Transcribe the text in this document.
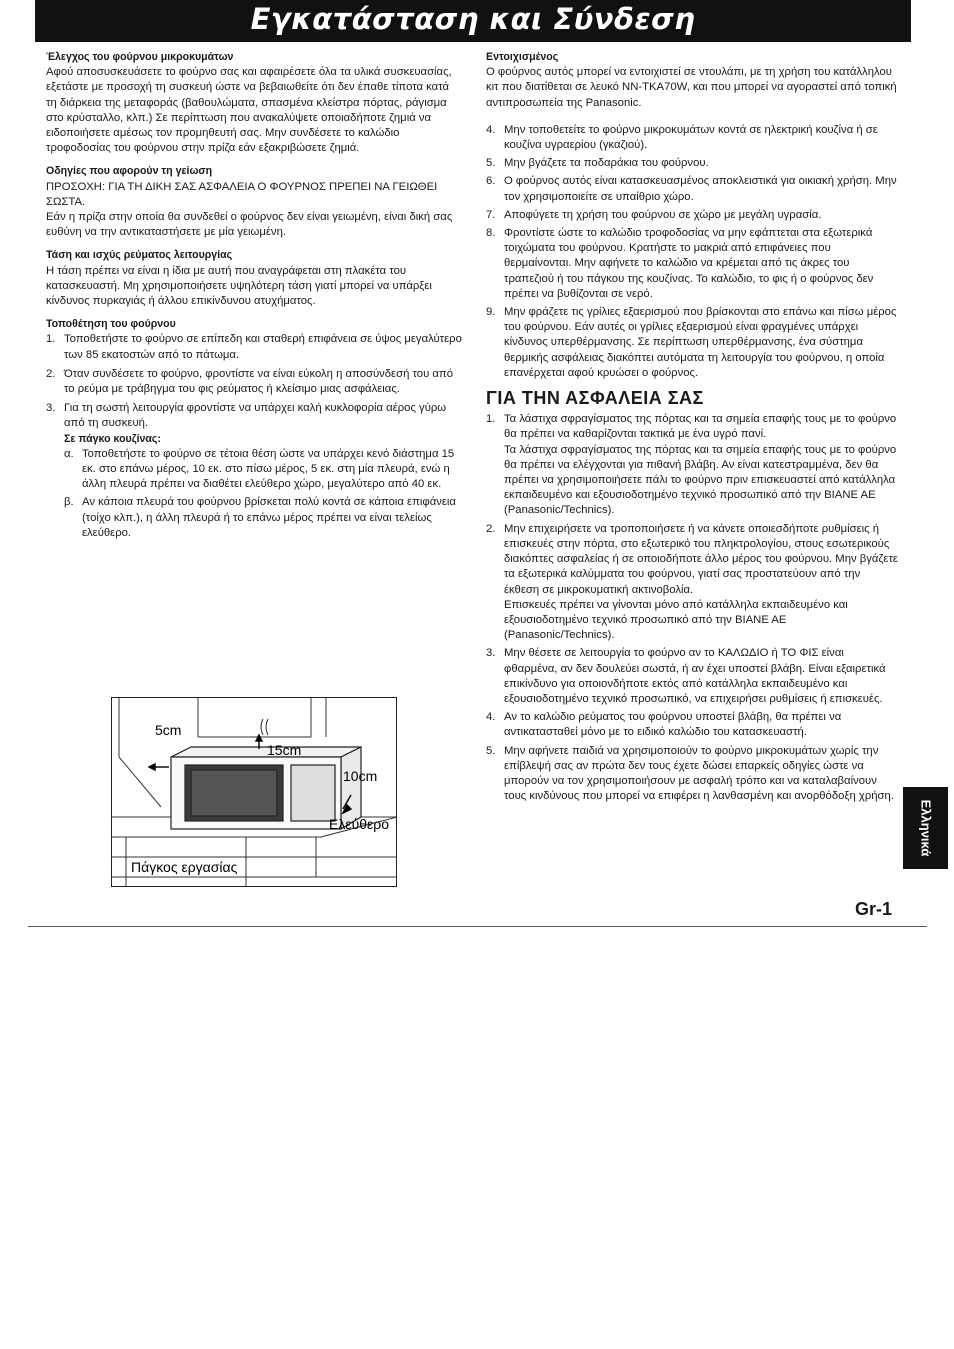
Εγκατάσταση και Σύνδεση

Έλεγχος του φούρνου μικροκυμάτων

Αφού αποσυσκευάσετε το φούρνο σας και αφαιρέσετε όλα τα υλικά συσκευασίας, εξετάστε με προσοχή τη συσκευή ώστε να βεβαιωθείτε ότι δεν έπαθε τίποτα κατά τη διάρκεια της μεταφοράς (βαθουλώματα, σπασμένα κλείστρα πόρτας, ράγισμα στο κρύσταλλο, κλπ.) Σε περίπτωση που ανακαλύψετε οποιαδήποτε ζημιά να ειδοποιήσετε αμέσως τον προμηθευτή σας. Μην συνδέσετε το καλώδιο τροφοδοσίας του φούρνου στην πρίζα εάν εξακριβώσετε ζημιά.

Οδηγίες που αφορούν τη γείωση

ΠΡΟΣΟΧΗ: ΓΙΑ ΤΗ ΔΙΚΗ ΣΑΣ ΑΣΦΑΛΕΙΑ Ο ΦΟΥΡΝΟΣ ΠΡΕΠΕΙ ΝΑ ΓΕΙΩΘΕΙ ΣΩΣΤΑ.

Εάν η πρίζα στην οποία θα συνδεθεί ο φούρνος δεν είναι γειωμένη, είναι δική σας ευθύνη να την αντικαταστήσετε με μία γειωμένη.

Τάση και ισχύς ρεύματος λειτουργίας

Η τάση πρέπει να είναι η ίδια με αυτή που αναγράφεται στη πλακέτα του κατασκευαστή. Μη χρησιμοποιήσετε υψηλότερη τάση γιατί μπορεί να υπάρξει κίνδυνος πυρκαγιάς ή άλλου επικίνδυνου ατυχήματος.

Τοποθέτηση του φούρνου

1. Τοποθετήστε το φούρνο σε επίπεδη και σταθερή επιφάνεια σε ύψος μεγαλύτερο των 85 εκατοστών από το πάτωμα.
2. Όταν συνδέσετε το φούρνο, φροντίστε να είναι εύκολη η αποσύνδεσή του από το ρεύμα με τράβηγμα του φις ρεύματος ή κλείσιμο μιας ασφάλειας.
3. Για τη σωστή λειτουργία φροντίστε να υπάρχει καλή κυκλοφορία αέρος γύρω από τη συσκευή.

Σε πάγκο κουζίνας:

α. Τοποθετήστε το φούρνο σε τέτοια θέση ώστε να υπάρχει κενό διάστημα 15 εκ. στο επάνω μέρος, 10 εκ. στο πίσω μέρος, 5 εκ. στη μία πλευρά, ενώ η άλλη πλευρά πρέπει να διαθέτει ελεύθερο χώρο, μεγαλύτερο από 40 εκ.
β. Αν κάποια πλευρά του φούρνου βρίσκεται πολύ κοντά σε κάποια επιφάνεια (τοίχο κλπ.), η άλλη πλευρά ή το επάνω μέρος πρέπει να είναι τελείως ελεύθερο.
5cm
15cm
10cm
Ελεύθερο
Πάγκος εργασίας

Εντοιχισμένος

Ο φούρνος αυτός μπορεί να εντοιχιστεί σε ντουλάπι, με τη χρήση του κατάλληλου κιτ που διατίθεται σε λευκό NN-TKA70W, και που μπορεί να αγοραστεί από τοπική αντιπροσωπεία της Panasonic.

4. Μην τοποθετείτε το φούρνο μικροκυμάτων κοντά σε ηλεκτρική κουζίνα ή σε κουζίνα υγραερίου (γκαζιού).
5. Μην βγάζετε τα ποδαράκια του φούρνου.
6. Ο φούρνος αυτός είναι κατασκευασμένος αποκλειστικά για οικιακή χρήση. Μην τον χρησιμοποιείτε σε υπαίθριο χώρο.
7. Αποφύγετε τη χρήση του φούρνου σε χώρο με μεγάλη υγρασία.
8. Φροντίστε ώστε το καλώδιο τροφοδοσίας να μην εφάπτεται στα εξωτερικά τοιχώματα του φούρνου. Κρατήστε το μακριά από επιφάνειες που θερμαίνονται. Μην αφήνετε το καλώδιο να κρέμεται από τις άκρες του τραπεζιού ή του πάγκου της κουζίνας. Το καλώδιο, το φις ή ο φούρνος δεν πρέπει να βυθίζονται σε νερό.
9. Μην φράζετε τις γρίλιες εξαερισμού που βρίσκονται στο επάνω και πίσω μέρος του φούρνου. Εάν αυτές οι γρίλιες εξαερισμού είναι φραγμένες υπάρχει κίνδυνος υπερθέρμανσης. Σε περίπτωση υπερθέρμανσης, ένα σύστημα θερμικής ασφάλειας διακόπτει αυτόματα τη λειτουργία του φούρνου, η οποία επανέρχεται αφού κρυώσει ο φούρνος.

ΓΙΑ ΤΗΝ ΑΣΦΑΛΕΙΑ ΣΑΣ

1. Τα λάστιχα σφραγίσματος της πόρτας και τα σημεία επαφής τους με το φούρνο θα πρέπει να καθαρίζονται τακτικά με ένα υγρό πανί.
Τα λάστιχα σφραγίσματος της πόρτας και τα σημεία επαφής τους με το φούρνο θα πρέπει να ελέγχονται για πιθανή βλάβη. Αν είναι κατεστραμμένα, δεν θα πρέπει να χρησιμοποιήσετε πάλι το φούρνο πριν επισκευαστεί από κατάλληλα εκπαιδευμένο και εξουσιοδοτημένο τεχνικό προσωπικό από την BIANE AE (Panasonic/Technics).
2. Μην επιχειρήσετε να τροποποιήσετε ή να κάνετε οποιεσδήποτε ρυθμίσεις ή επισκευές στην πόρτα, στο εξωτερικό του πληκτρολογίου, στους εσωτερικούς διακόπτες ασφαλείας ή σε οποιοδήποτε άλλο μέρος του φούρνου. Μην βγάζετε τα εξωτερικά καλύμματα του φούρνου, γιατί σας προστατεύουν από την έκθεση σε μικροκυματική ακτινοβολία.
Επισκευές πρέπει να γίνονται μόνο από κατάλληλα εκπαιδευμένο και εξουσιοδοτημένο τεχνικό προσωπικό από την BIANE AE (Panasonic/Technics).
3. Μην θέσετε σε λειτουργία το φούρνο αν το ΚΑΛΩΔΙΟ ή ΤΟ ΦΙΣ είναι φθαρμένα, αν δεν δουλεύει σωστά, ή αν έχει υποστεί βλάβη. Είναι εξαιρετικά επικίνδυνο για οποιονδήποτε εκτός από κατάλληλα εκπαιδευμένο και εξουσιοδοτημένο τεχνικό προσωπικό, να επιχειρήσει ρυθμίσεις ή επισκευές.
4. Αν το καλώδιο ρεύματος του φούρνου υποστεί βλάβη, θα πρέπει να αντικατασταθεί μόνο με το ειδικό καλώδιο του κατασκευαστή.
5. Μην αφήνετε παιδιά να χρησιμοποιούν το φούρνο μικροκυμάτων χωρίς την επίβλεψή σας αν πρώτα δεν τους έχετε δώσει επαρκείς οδηγίες ώστε να μπορούν να τον χρησιμοποιήσουν με ασφαλή τρόπο και να καταλαβαίνουν τους κινδύνους που μπορεί να επιφέρει η λανθασμένη και ανορθόδοξη χρήση.
Ελληνικά
Gr-1
